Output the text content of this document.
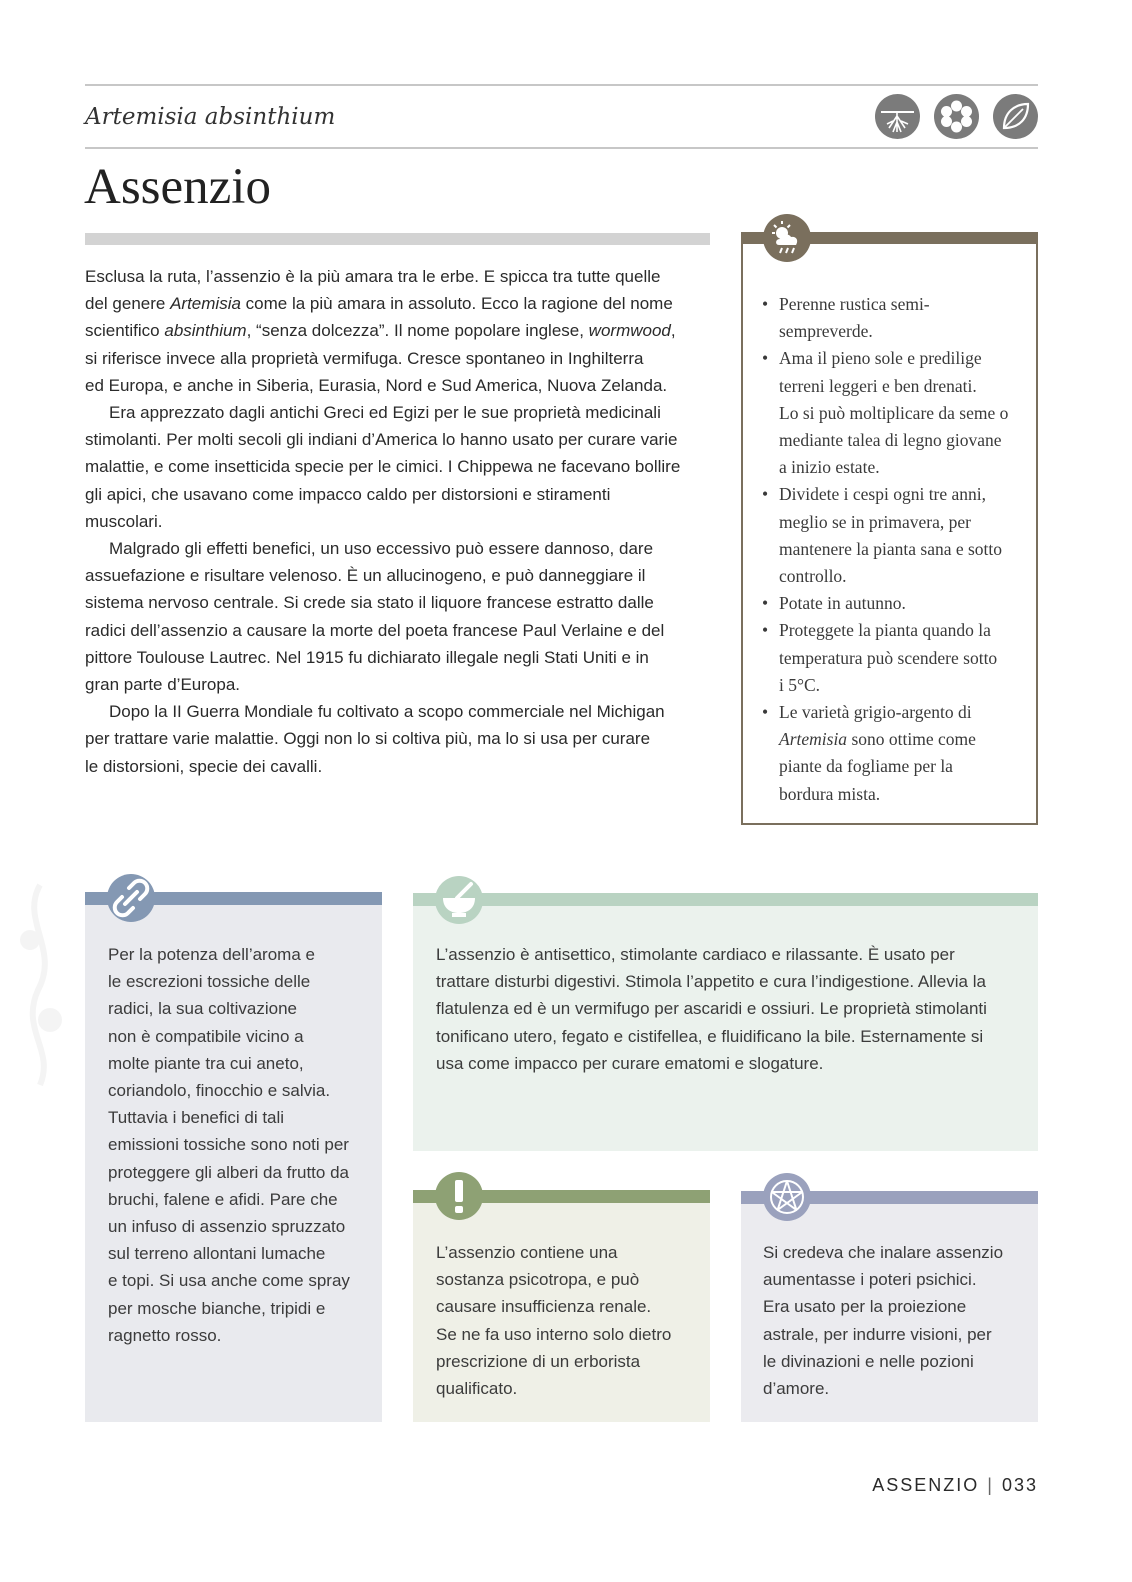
Artemisia absinthium
Assenzio

Esclusa la ruta, l’assenzio è la più amara tra le erbe. E spicca tra tutte quelle
del genere Artemisia come la più amara in assoluto. Ecco la ragione del nome
scientifico absinthium, “senza dolcezza”. Il nome popolare inglese, wormwood,
si riferisce invece alla proprietà vermifuga. Cresce spontaneo in Inghilterra
ed Europa, e anche in Siberia, Eurasia, Nord e Sud America, Nuova Zelanda.

Era apprezzato dagli antichi Greci ed Egizi per le sue proprietà medicinali
stimolanti. Per molti secoli gli indiani d’America lo hanno usato per curare varie
malattie, e come insetticida specie per le cimici. I Chippewa ne facevano bollire
gli apici, che usavano come impacco caldo per distorsioni e stiramenti
muscolari.

Malgrado gli effetti benefici, un uso eccessivo può essere dannoso, dare
assuefazione e risultare velenoso. È un allucinogeno, e può danneggiare il
sistema nervoso centrale. Si crede sia stato il liquore francese estratto dalle
radici dell’assenzio a causare la morte del poeta francese Paul Verlaine e del
pittore Toulouse Lautrec. Nel 1915 fu dichiarato illegale negli Stati Uniti e in
gran parte d’Europa.

Dopo la II Guerra Mondiale fu coltivato a scopo commerciale nel Michigan
per trattare varie malattie. Oggi non lo si coltiva più, ma lo si usa per curare
le distorsioni, specie dei cavalli.

• Perenne rustica semi-
sempreverde.
• Ama il pieno sole e predilige
terreni leggeri e ben drenati.
Lo si può moltiplicare da seme o
mediante talea di legno giovane
a inizio estate.
• Dividete i cespi ogni tre anni,
meglio se in primavera, per
mantenere la pianta sana e sotto
controllo.
• Potate in autunno.
• Proteggete la pianta quando la
temperatura può scendere sotto
i 5°C.
• Le varietà grigio-argento di
Artemisia sono ottime come
piante da fogliame per la
bordura mista.
Per la potenza dell’aroma e
le escrezioni tossiche delle
radici, la sua coltivazione
non è compatibile vicino a
molte piante tra cui aneto,
coriandolo, finocchio e salvia.
Tuttavia i benefici di tali
emissioni tossiche sono noti per
proteggere gli alberi da frutto da
bruchi, falene e afidi. Pare che
un infuso di assenzio spruzzato
sul terreno allontani lumache
e topi. Si usa anche come spray
per mosche bianche, tripidi e
ragnetto rosso.
L’assenzio è antisettico, stimolante cardiaco e rilassante. È usato per
trattare disturbi digestivi. Stimola l’appetito e cura l’indigestione. Allevia la
flatulenza ed è un vermifugo per ascaridi e ossiuri. Le proprietà stimolanti
tonificano utero, fegato e cistifellea, e fluidificano la bile. Esternamente si
usa come impacco per curare ematomi e slogature.
L’assenzio contiene una
sostanza psicotropa, e può
causare insufficienza renale.
Se ne fa uso interno solo dietro
prescrizione di un erborista
qualificato.
Si credeva che inalare assenzio
aumentasse i poteri psichici.
Era usato per la proiezione
astrale, per indurre visioni, per
le divinazioni e nelle pozioni
d’amore.
ASSENZIO | 033
